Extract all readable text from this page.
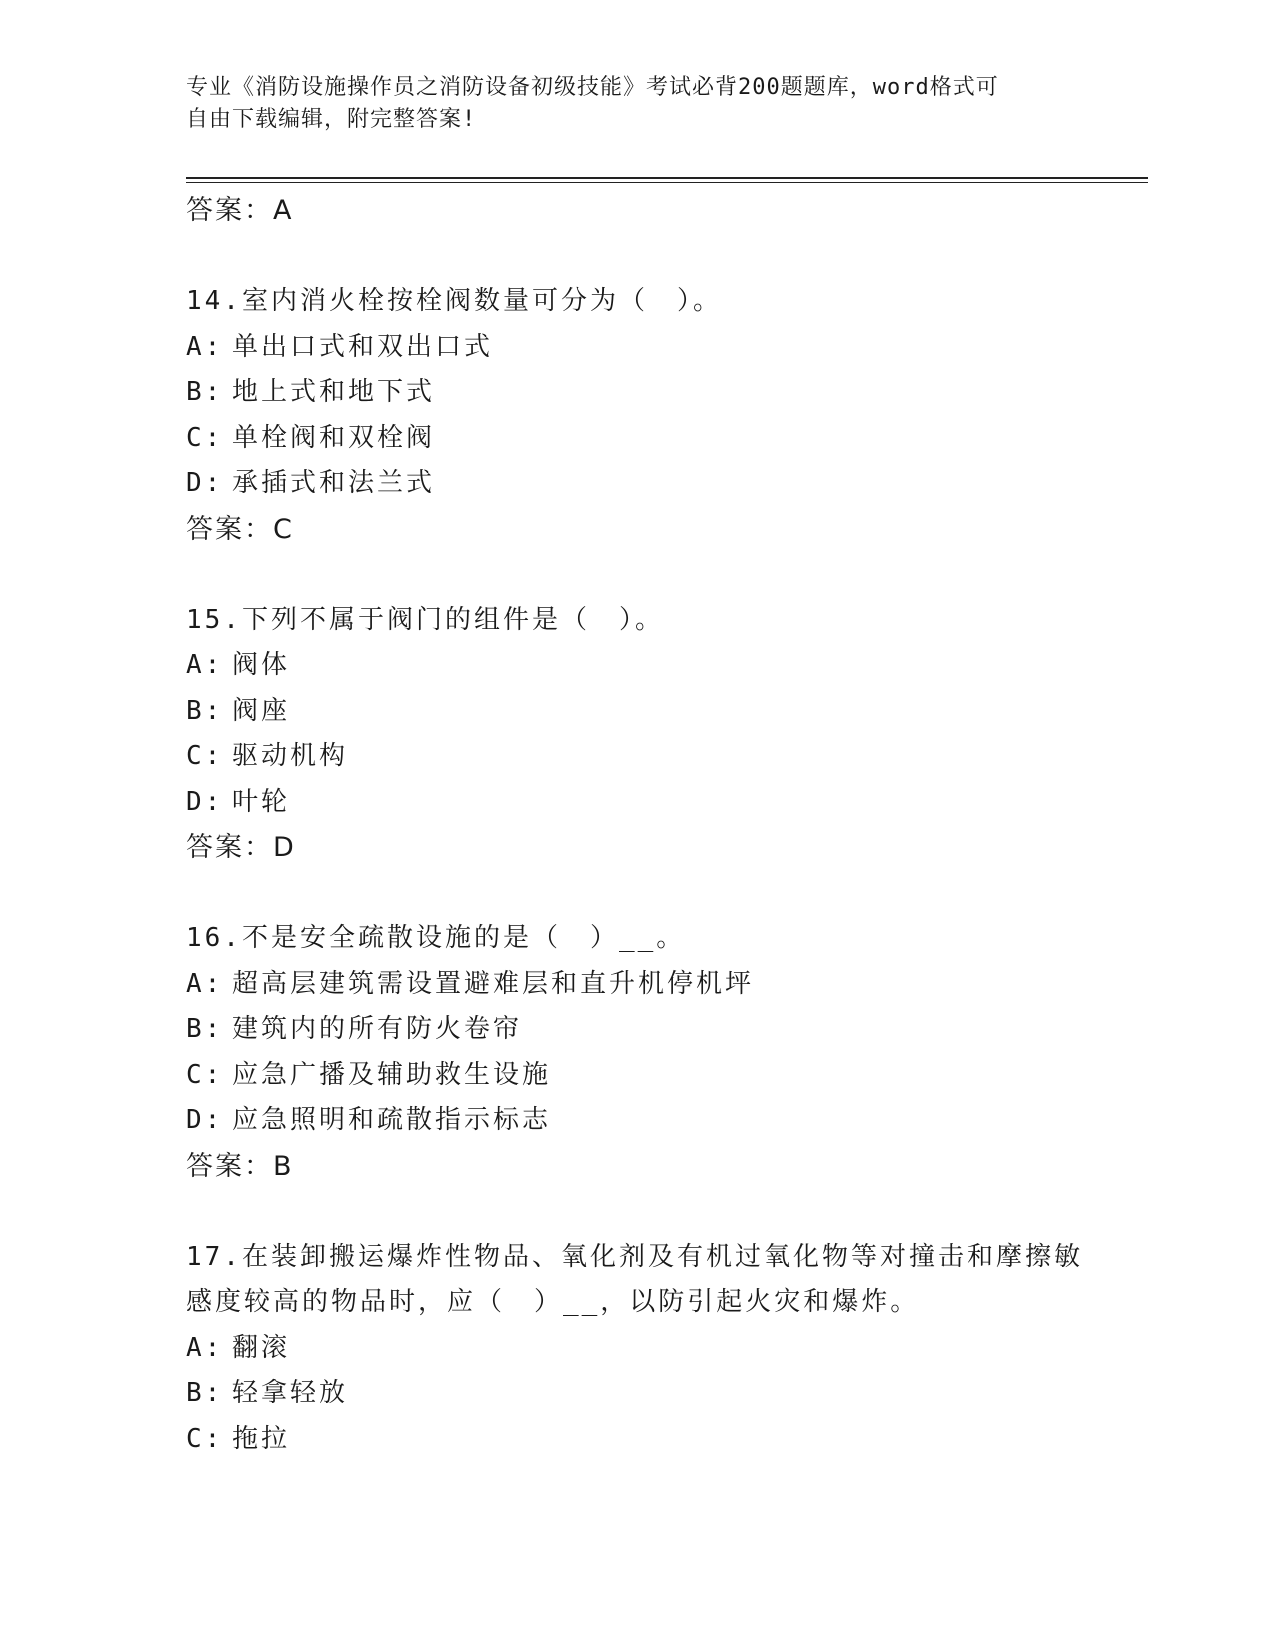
专业《消防设施操作员之消防设备初级技能》考试必背200题题库，word格式可
自由下载编辑，附完整答案!
答案：A
14.室内消火栓按栓阀数量可分为（　）。
A: 单出口式和双出口式
B: 地上式和地下式
C: 单栓阀和双栓阀
D: 承插式和法兰式
答案：C
15.下列不属于阀门的组件是（　）。
A: 阀体
B: 阀座
C: 驱动机构
D: 叶轮
答案：D
16.不是安全疏散设施的是（　）__。
A: 超高层建筑需设置避难层和直升机停机坪
B: 建筑内的所有防火卷帘
C: 应急广播及辅助救生设施
D: 应急照明和疏散指示标志
答案：B
17.在装卸搬运爆炸性物品、氧化剂及有机过氧化物等对撞击和摩擦敏
感度较高的物品时，应（　）__，以防引起火灾和爆炸。
A: 翻滚
B: 轻拿轻放
C: 拖拉
